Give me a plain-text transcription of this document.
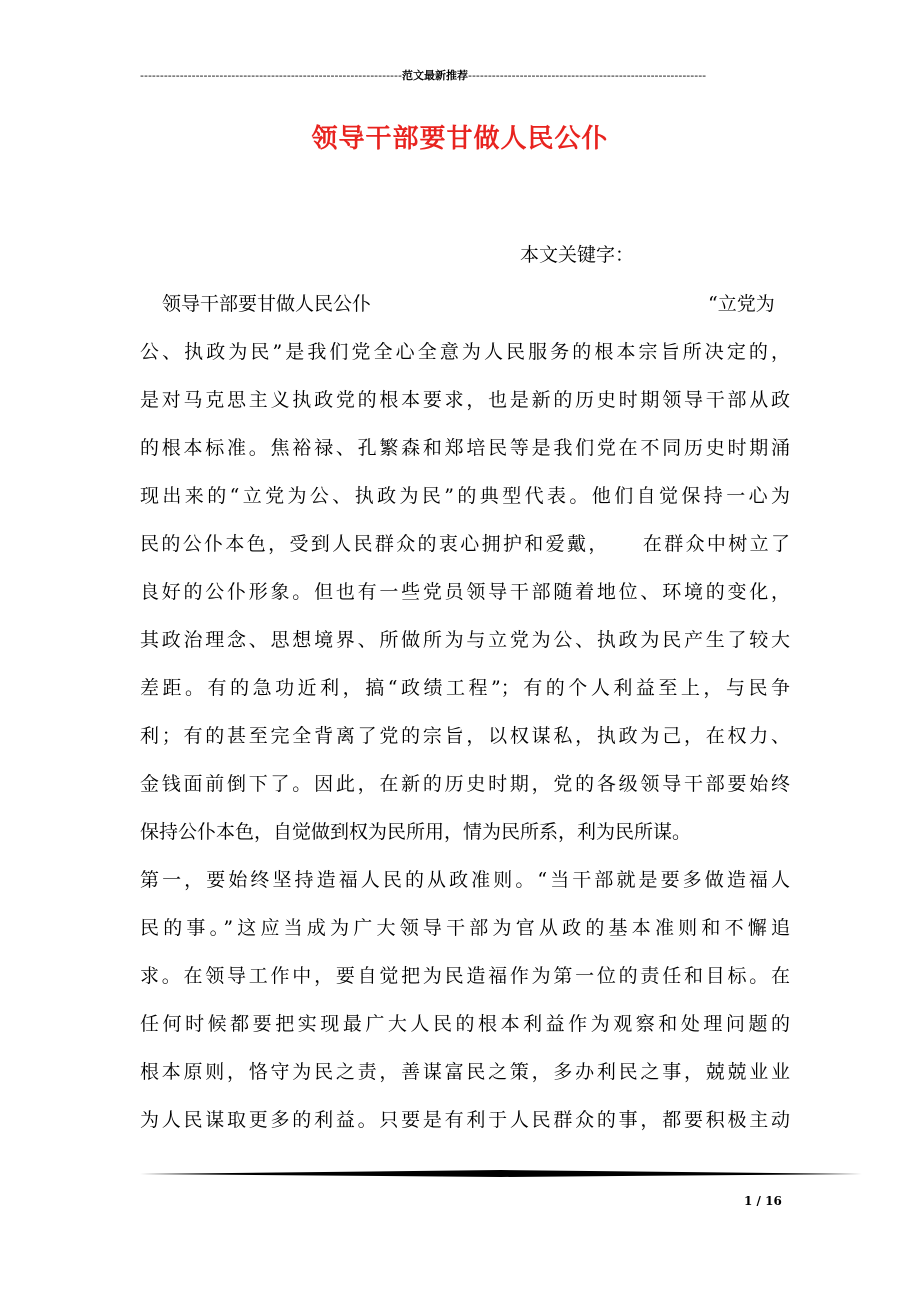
------------------------------------------------------------------范文最新推荐------------------------------------------------------------
领导干部要甘做人民公仆
本文关键字：
领导干部要甘做人民公仆	“立党为
公、执政为民”是我们党全心全意为人民服务的根本宗旨所决定的，
是对马克思主义执政党的根本要求，也是新的历史时期领导干部从政
的根本标准。焦裕禄、孔繁森和郑培民等是我们党在不同历史时期涌
现出来的“立党为公、执政为民”的典型代表。他们自觉保持一心为
民的公仆本色，受到人民群众的衷心拥护和爱戴，　　在群众中树立了
良好的公仆形象。但也有一些党员领导干部随着地位、环境的变化，
其政治理念、思想境界、所做所为与立党为公、执政为民产生了较大
差距。有的急功近利，搞“政绩工程”；有的个人利益至上，与民争
利；有的甚至完全背离了党的宗旨，以权谋私，执政为己，在权力、
金钱面前倒下了。因此，在新的历史时期，党的各级领导干部要始终
保持公仆本色，自觉做到权为民所用，情为民所系，利为民所谋。
第一，要始终坚持造福人民的从政准则。“当干部就是要多做造福人
民的事。”这应当成为广大领导干部为官从政的基本准则和不懈追
求。在领导工作中，要自觉把为民造福作为第一位的责任和目标。在
任何时候都要把实现最广大人民的根本利益作为观察和处理问题的
根本原则，恪守为民之责，善谋富民之策，多办利民之事，兢兢业业
为人民谋取更多的利益。只要是有利于人民群众的事，都要积极主动
1 / 16
